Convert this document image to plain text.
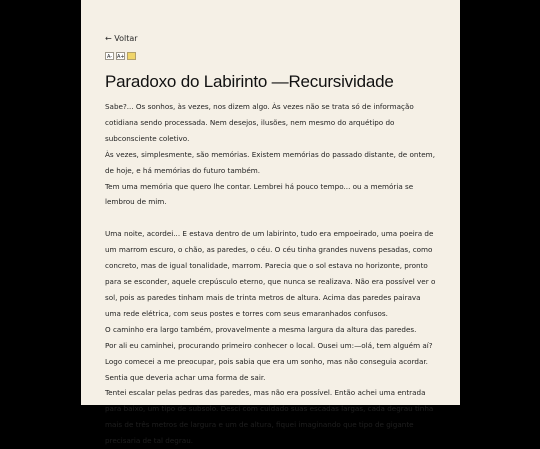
← Voltar
A- A+
Paradoxo do Labirinto —Recursividade

Sabe?... Os sonhos, às vezes, nos dizem algo. Às vezes não se trata só de informação cotidiana sendo processada. Nem desejos, ilusões, nem mesmo do arquétipo do subconsciente coletivo.

Às vezes, simplesmente, são memórias. Existem memórias do passado distante, de ontem, de hoje, e há memórias do futuro também.

Tem uma memória que quero lhe contar. Lembrei há pouco tempo... ou a memória se lembrou de mim.

Uma noite, acordei... E estava dentro de um labirinto, tudo era empoeirado, uma poeira de um marrom escuro, o chão, as paredes, o céu. O céu tinha grandes nuvens pesadas, como concreto, mas de igual tonalidade, marrom. Parecia que o sol estava no horizonte, pronto para se esconder, aquele crepúsculo eterno, que nunca se realizava. Não era possível ver o sol, pois as paredes tinham mais de trinta metros de altura. Acima das paredes pairava uma rede elétrica, com seus postes e torres com seus emaranhados confusos.

O caminho era largo também, provavelmente a mesma largura da altura das paredes.

Por ali eu caminhei, procurando primeiro conhecer o local. Ousei um:—olá, tem alguém aí?

Logo comecei a me preocupar, pois sabia que era um sonho, mas não conseguia acordar. Sentia que deveria achar uma forma de sair.

Tentei escalar pelas pedras das paredes, mas não era possível. Então achei uma entrada para baixo, um tipo de subsolo. Desci com cuidado suas escadas largas, cada degrau tinha mais de três metros de largura e um de altura, fiquei imaginando que tipo de gigante precisaria de tal degrau.
